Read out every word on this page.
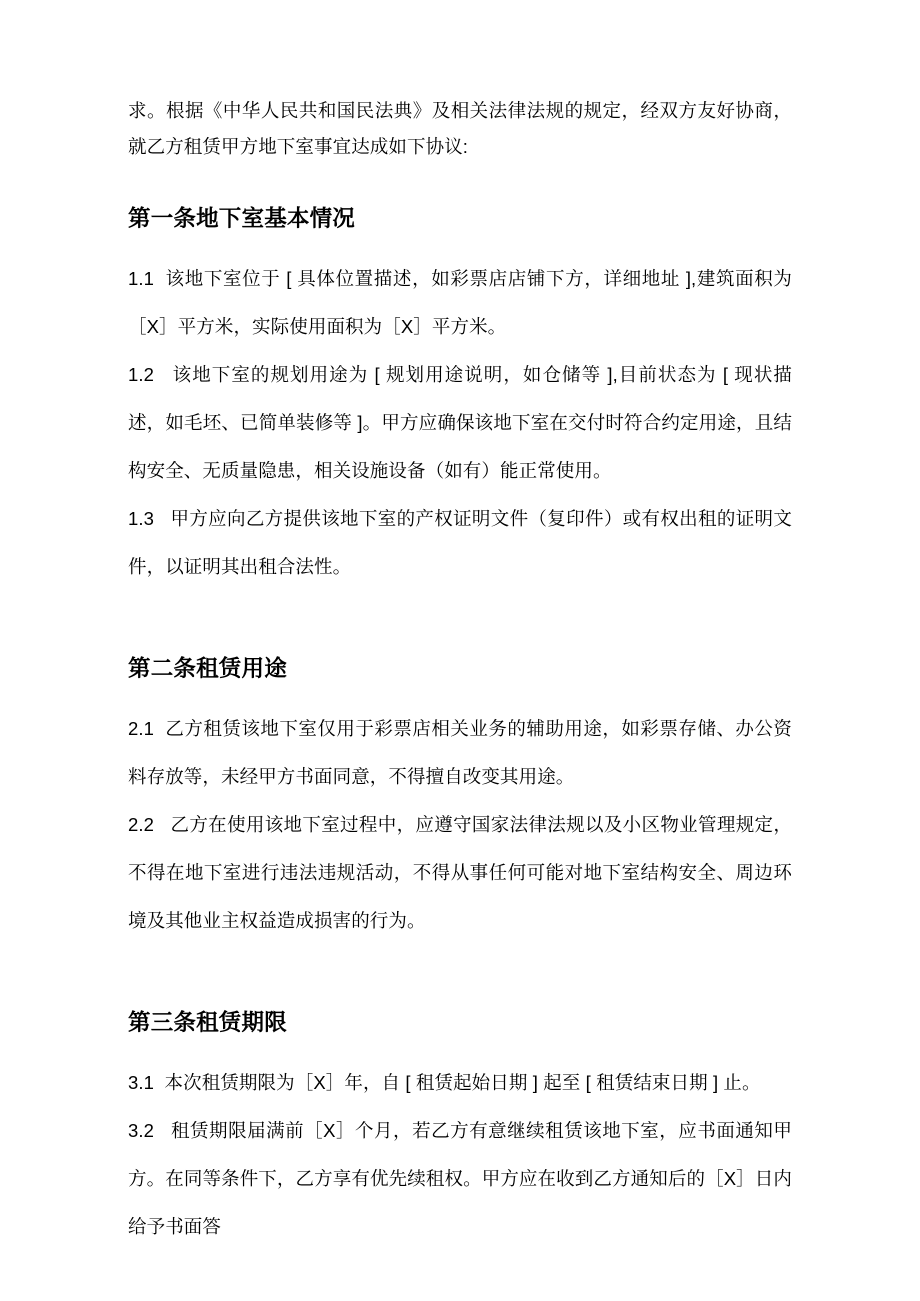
求。根据《中华人民共和国民法典》及相关法律法规的规定，经双方友好协商，就乙方租赁甲方地下室事宜达成如下协议:

第一条地下室基本情况

1.1 该地下室位于 [ 具体位置描述，如彩票店店铺下方，详细地址 ],建筑面积为［X］平方米，实际使用面积为［X］平方米。

1.2 该地下室的规划用途为 [ 规划用途说明，如仓储等 ],目前状态为 [ 现状描述，如毛坯、已简单装修等 ]。甲方应确保该地下室在交付时符合约定用途，且结构安全、无质量隐患，相关设施设备（如有）能正常使用。

1.3 甲方应向乙方提供该地下室的产权证明文件（复印件）或有权出租的证明文件，以证明其出租合法性。

第二条租赁用途

2.1 乙方租赁该地下室仅用于彩票店相关业务的辅助用途，如彩票存储、办公资料存放等，未经甲方书面同意，不得擅自改变其用途。

2.2 乙方在使用该地下室过程中，应遵守国家法律法规以及小区物业管理规定，不得在地下室进行违法违规活动，不得从事任何可能对地下室结构安全、周边环境及其他业主权益造成损害的行为。

第三条租赁期限

3.1 本次租赁期限为［X］年，自 [ 租赁起始日期 ] 起至 [ 租赁结束日期 ] 止。

3.2 租赁期限届满前［X］个月，若乙方有意继续租赁该地下室，应书面通知甲方。在同等条件下，乙方享有优先续租权。甲方应在收到乙方通知后的［X］日内给予书面答
